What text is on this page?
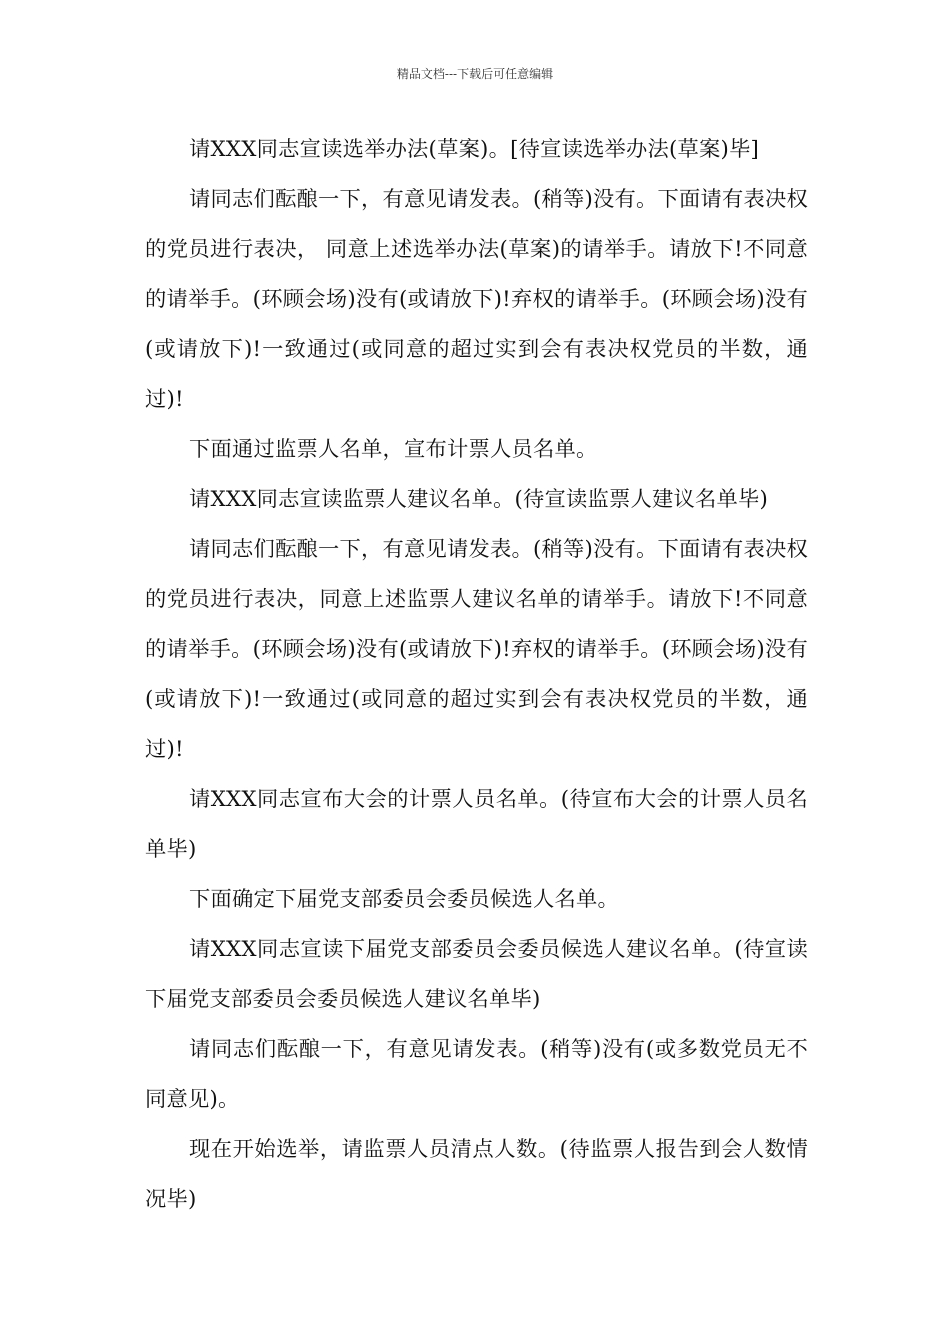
精品文档---下载后可任意编辑

请XXX同志宣读选举办法(草案)。[待宣读选举办法(草案)毕]

请同志们酝酿一下，有意见请发表。(稍等)没有。下面请有表决权的党员进行表决， 同意上述选举办法(草案)的请举手。请放下!不同意的请举手。(环顾会场)没有(或请放下)!弃权的请举手。(环顾会场)没有(或请放下)!一致通过(或同意的超过实到会有表决权党员的半数，通过)!

下面通过监票人名单，宣布计票人员名单。

请XXX同志宣读监票人建议名单。(待宣读监票人建议名单毕)

请同志们酝酿一下，有意见请发表。(稍等)没有。下面请有表决权的党员进行表决，同意上述监票人建议名单的请举手。请放下!不同意的请举手。(环顾会场)没有(或请放下)!弃权的请举手。(环顾会场)没有(或请放下)!一致通过(或同意的超过实到会有表决权党员的半数，通过)!

请XXX同志宣布大会的计票人员名单。(待宣布大会的计票人员名单毕)

下面确定下届党支部委员会委员候选人名单。

请XXX同志宣读下届党支部委员会委员候选人建议名单。(待宣读下届党支部委员会委员候选人建议名单毕)

请同志们酝酿一下，有意见请发表。(稍等)没有(或多数党员无不同意见)。

现在开始选举，请监票人员清点人数。(待监票人报告到会人数情况毕)
